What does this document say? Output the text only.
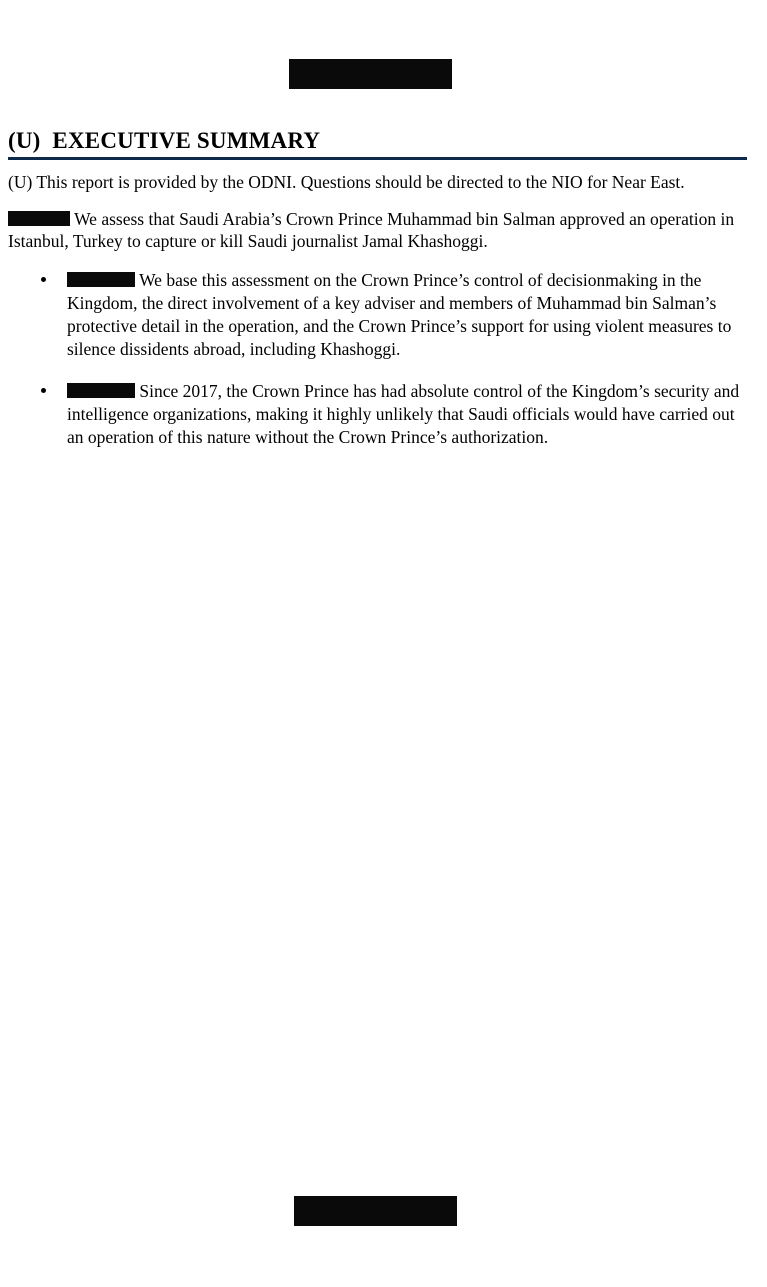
(U)  EXECUTIVE SUMMARY

(U) This report is provided by the ODNI. Questions should be directed to the NIO for Near East.

We assess that Saudi Arabia’s Crown Prince Muhammad bin Salman approved an operation in Istanbul, Turkey to capture or kill Saudi journalist Jamal Khashoggi.

We base this assessment on the Crown Prince’s control of decisionmaking in the Kingdom, the direct involvement of a key adviser and members of Muhammad bin Salman’s protective detail in the operation, and the Crown Prince’s support for using violent measures to silence dissidents abroad, including Khashoggi.
Since 2017, the Crown Prince has had absolute control of the Kingdom’s security and intelligence organizations, making it highly unlikely that Saudi officials would have carried out an operation of this nature without the Crown Prince’s authorization.
